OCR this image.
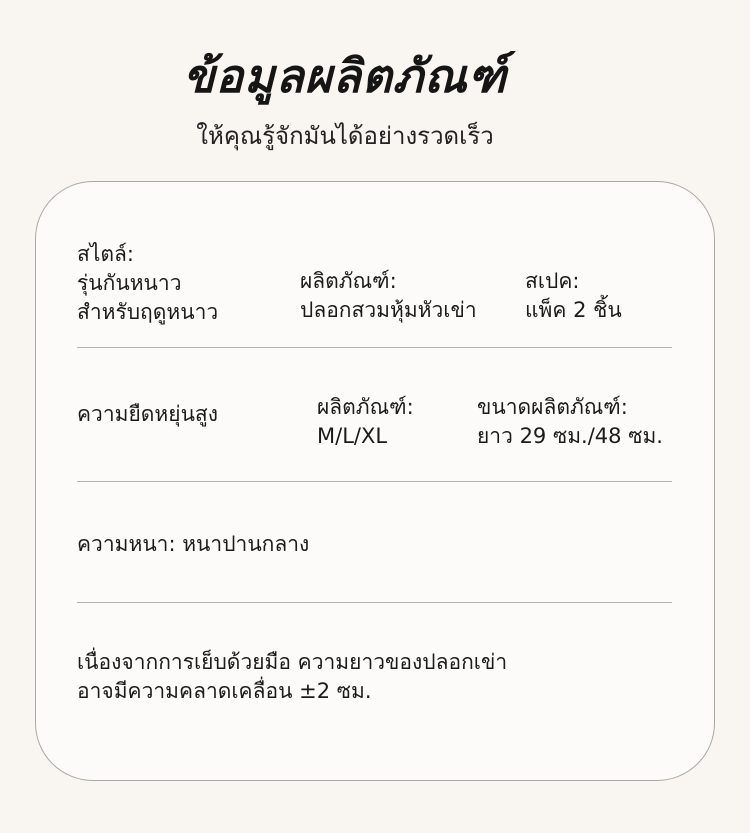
ข้อมูลผลิตภัณฑ์
ให้คุณรู้จักมันได้อย่างรวดเร็ว
สไตล์:
รุ่นกันหนาว
สำหรับฤดูหนาว
ผลิตภัณฑ์:
ปลอกสวมหุ้มหัวเข่า
สเปค:
แพ็ค 2 ชิ้น
ความยืดหยุ่นสูง	ผลิตภัณฑ์:
M/L/XL
ขนาดผลิตภัณฑ์:
ยาว 29 ซม./48 ซม.
ความหนา: หนาปานกลาง
เนื่องจากการเย็บด้วยมือ ความยาวของปลอกเข่า
อาจมีความคลาดเคลื่อน ±2 ซม.
